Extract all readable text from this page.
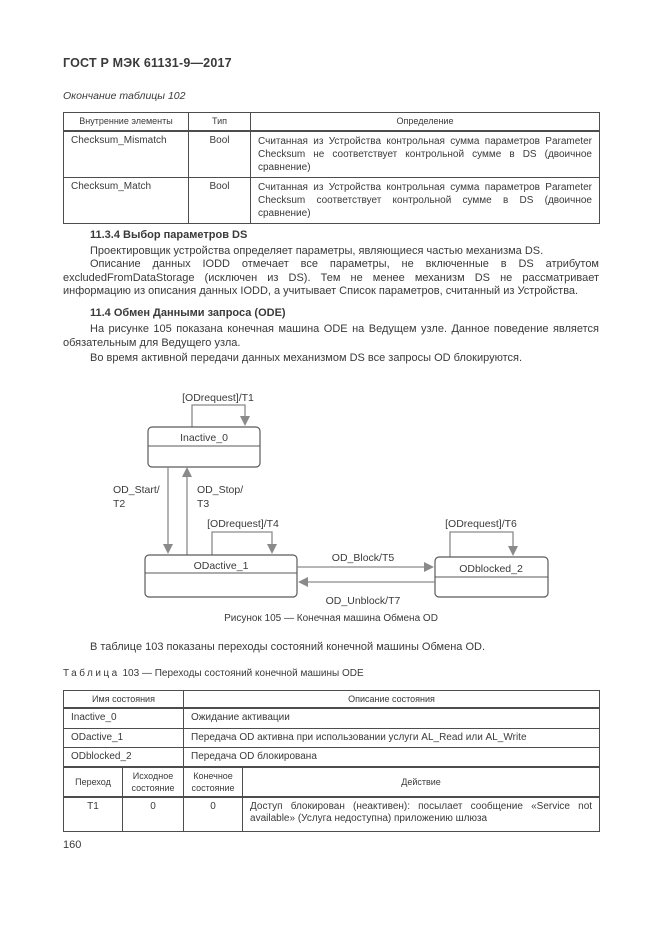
ГОСТ Р МЭК 61131-9—2017
Окончание таблицы 102
Внутренние элементы	Тип	Определение
Checksum_Mismatch	Bool	Считанная из Устройства контрольная сумма параметров Parameter Checksum не соответствует контрольной сумме в DS (двоичное сравнение)
Checksum_Match	Bool	Считанная из Устройства контрольная сумма параметров Parameter Checksum соответствует контрольной сумме в DS (двоичное сравнение)
11.3.4 Выбор параметров DS
Проектировщик устройства определяет параметры, являющиеся частью механизма DS.
Описание данных IODD отмечает все параметры, не включенные в DS атрибутом excludedFromDataStorage (исключен из DS). Тем не менее механизм DS не рассматривает информацию из описания данных IODD, а учитывает Список параметров, считанный из Устройства.
11.4 Обмен Данными запроса (ODE)
На рисунке 105 показана конечная машина ODE на Ведущем узле. Данное поведение является обязательным для Ведущего узла.
Во время активной передачи данных механизмом DS все запросы OD блокируются.
[ODrequest]/T1
Inactive_0
OD_Start/
T2
OD_Stop/
T3
[ODrequest]/T4
ODactive_1
[ODrequest]/T6
ODblocked_2
OD_Block/T5
OD_Unblock/T7
Рисунок 105 — Конечная машина Обмена OD
В таблице 103 показаны переходы состояний конечной машины Обмена OD.
Таблица 103 — Переходы состояний конечной машины ODE
Имя состояния		Описание состояния	
Inactive_0		Ожидание активации	
ODactive_1		Передача OD активна при использовании услуги AL_Read или AL_Write	
ODblocked_2		Передача OD блокирована	
Переход	Исходное состояние	Конечное состояние	Действие
T1	0	0	Доступ блокирован (неактивен): посылает сообщение «Service not available» (Услуга недоступна) приложению шлюза
160
